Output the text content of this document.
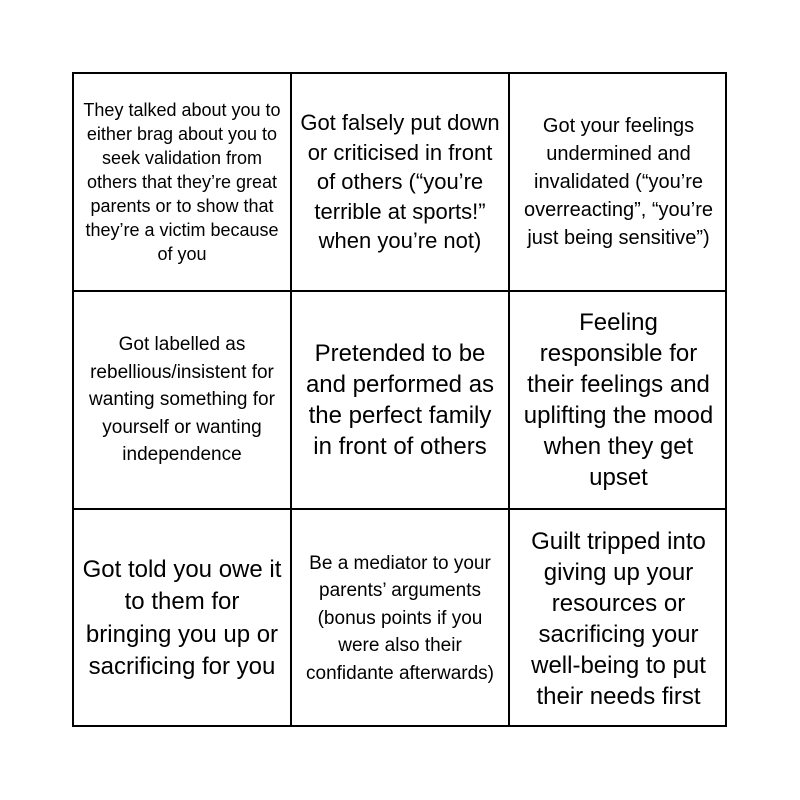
They talked about you to either brag about you to seek validation from others that they’re great parents or to show that they’re a victim because of you
Got falsely put down or criticised in front of others (“you’re terrible at sports!” when you’re not)
Got your feelings undermined and invalidated (“you’re overreacting”, “you’re just being sensitive”)
Got labelled as rebellious/insistent for wanting something for yourself or wanting independence
Pretended to be and performed as the perfect family in front of others
Feeling responsible for their feelings and uplifting the mood when they get upset
Got told you owe it to them for bringing you up or sacrificing for you
Be a mediator to your parents’ arguments (bonus points if you were also their confidante afterwards)
Guilt tripped into giving up your resources or sacrificing your well-being to put their needs first
